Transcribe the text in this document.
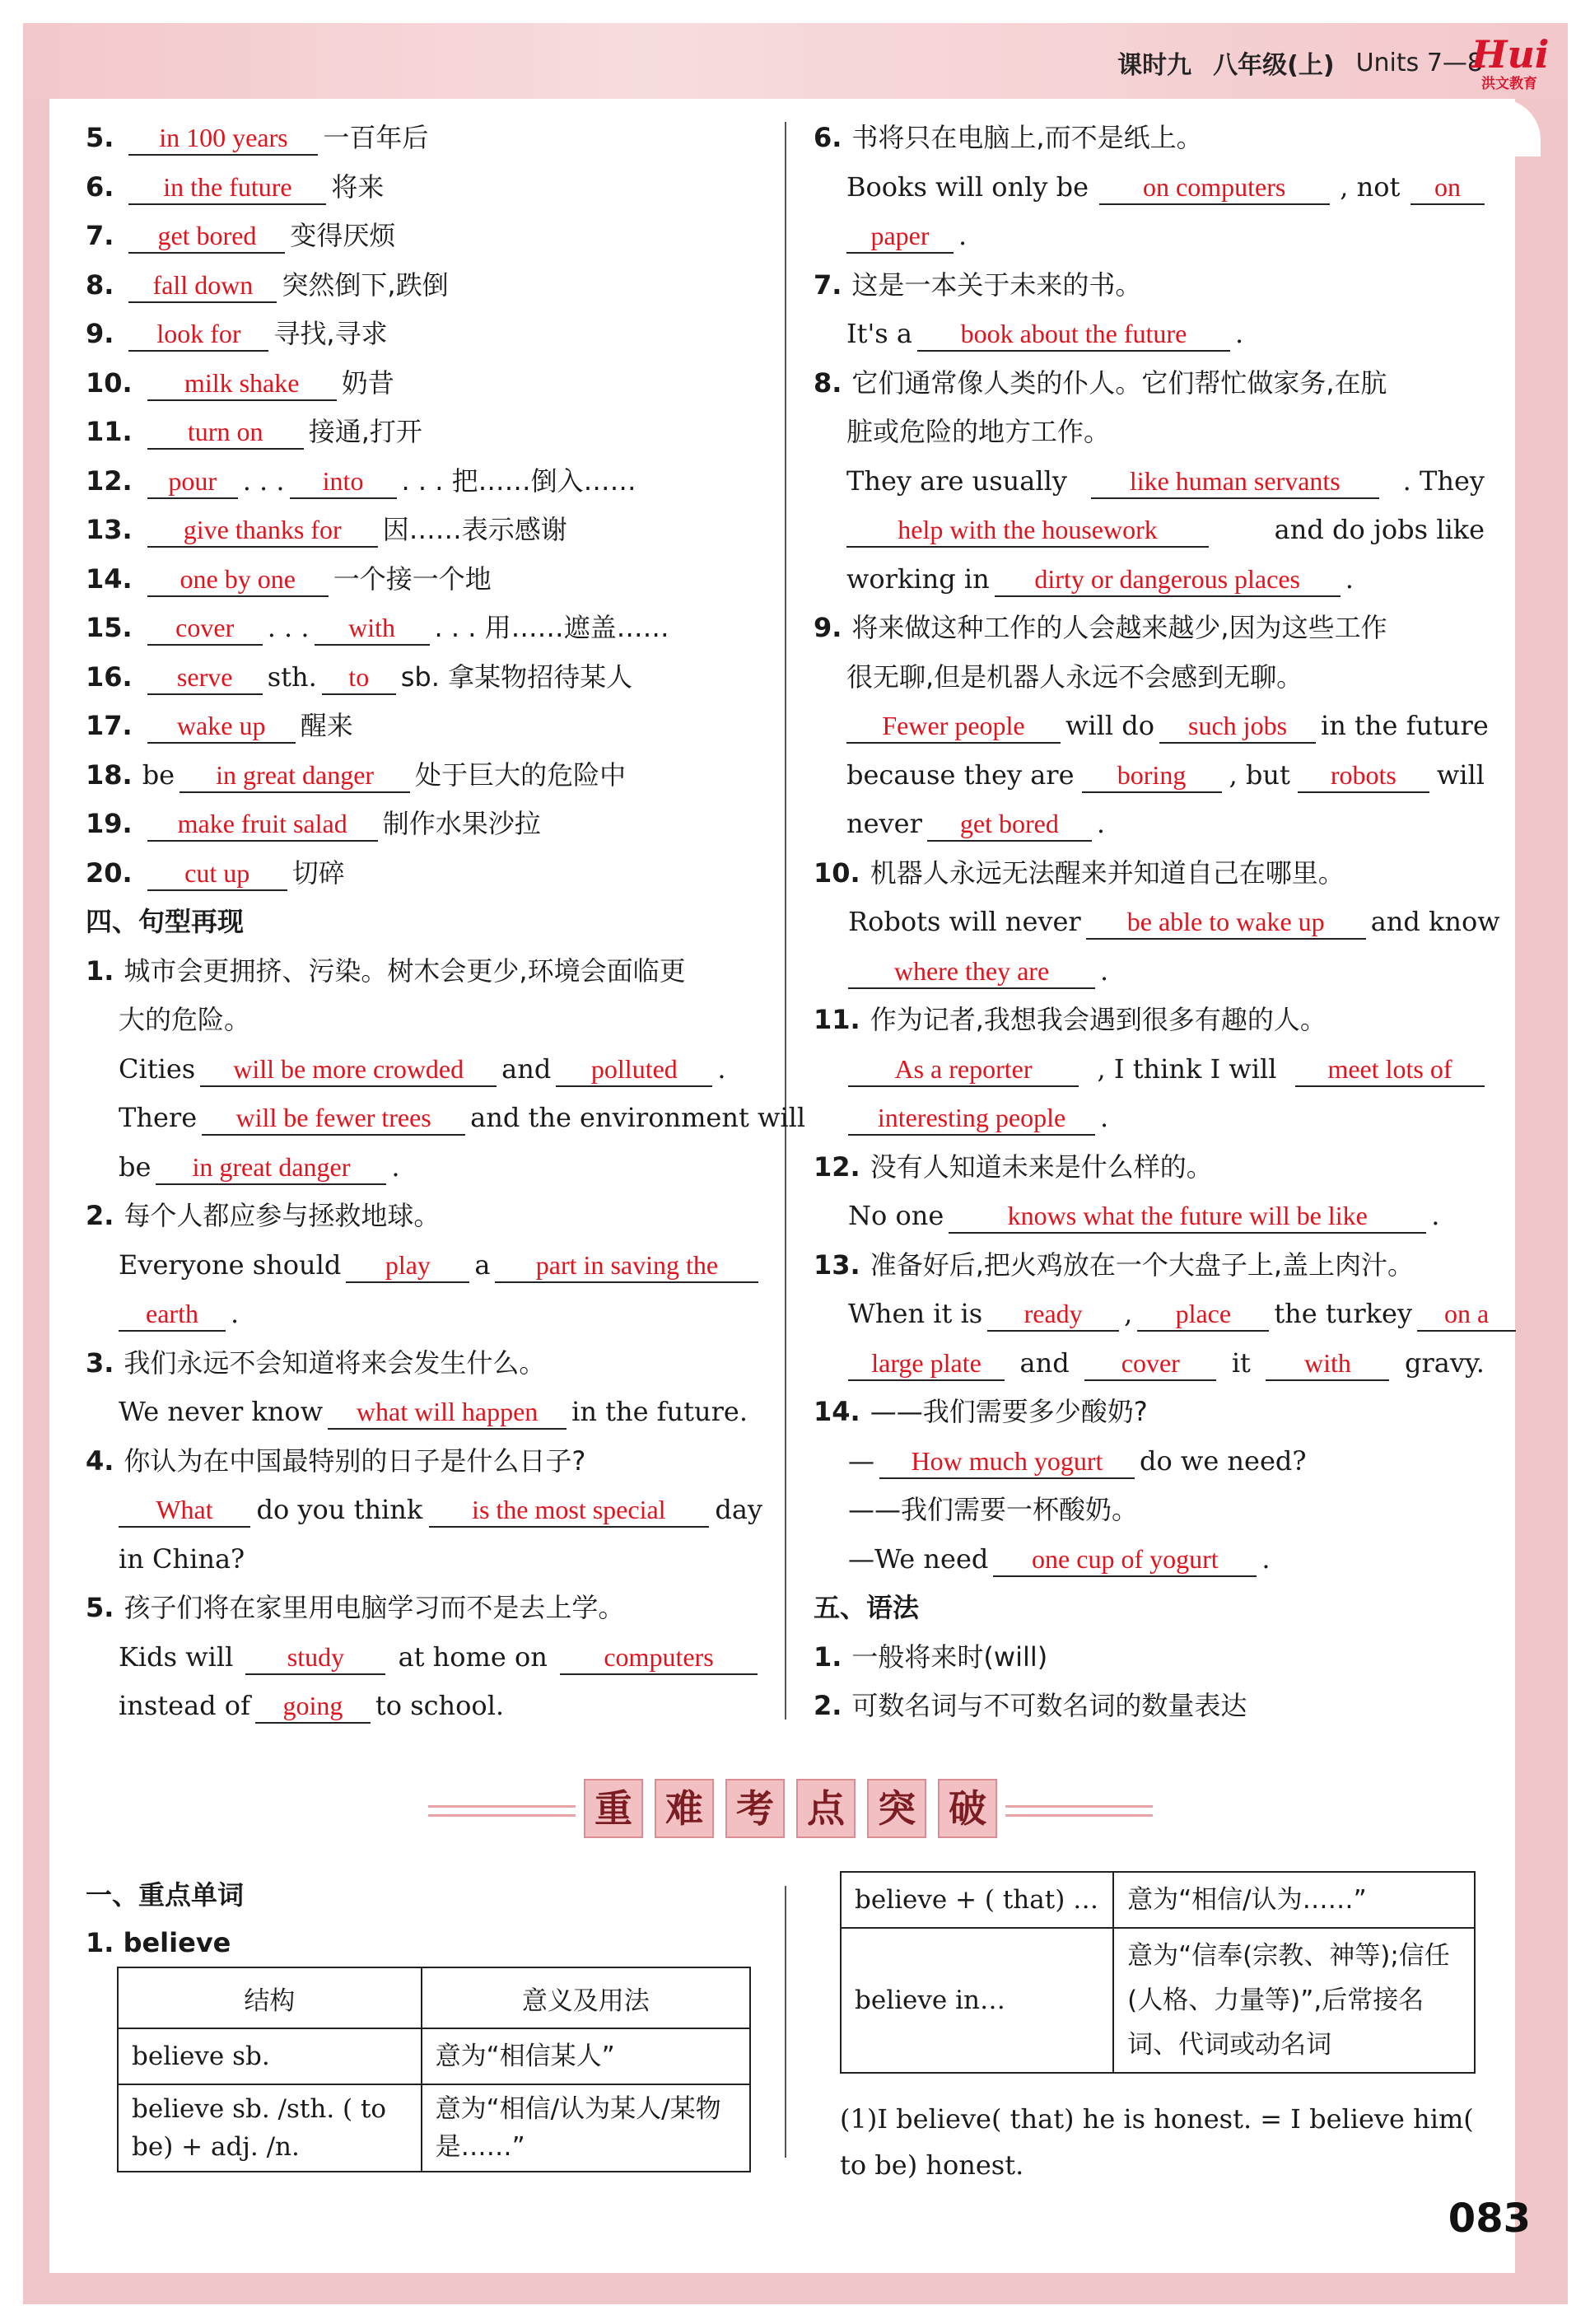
课时九 八年级(上) Units 7—8
Hui
洪文教育
5.	in 100 years	一百年后
6.	in the future	将来
7.	get bored	变得厌烦
8.	fall down	突然倒下,跌倒
9.	look for	寻找,寻求
10.	milk shake	奶昔
11.	turn on	接通,打开
12.	pour . . .	into	. . . 把……倒入……
13.	give thanks for	因……表示感谢
14.	one by one	一个接一个地
15.	cover	. . .	with	. . . 用……遮盖……
16.	serve	sth.	to	sb. 拿某物招待某人
17.	wake up	醒来
18. be	in great danger	处于巨大的危险中
19.	make fruit salad	制作水果沙拉
20.	cut up	切碎
四、句型再现
1. 城市会更拥挤、污染。树木会更少,环境会面临更
大的危险。
Cities	will be more crowded	and	polluted	.
There	will be fewer trees	and the environment will
be	in great danger	.
2. 每个人都应参与拯救地球。
Everyone should	play	a	part in saving the
earth	.
3. 我们永远不会知道将来会发生什么。
We never know	what will happen	in the future.
4. 你认为在中国最特别的日子是什么日子?
What	do you think	is the most special	day
in China?
5. 孩子们将在家里用电脑学习而不是去上学。
Kids will	study	at home on	computers
instead of	going	to school.
6. 书将只在电脑上,而不是纸上。
Books will only be	on computers	, not	on
paper	.
7. 这是一本关于未来的书。
It's a	book about the future	.
8. 它们通常像人类的仆人。它们帮忙做家务,在肮
脏或危险的地方工作。
They are usually	like human servants	. They
help with the housework	and do jobs like
working in	dirty or dangerous places	.
9. 将来做这种工作的人会越来越少,因为这些工作
很无聊,但是机器人永远不会感到无聊。
Fewer people	will do	such jobs	in the future
because they are	boring	, but	robots	will
never	get bored	.
10. 机器人永远无法醒来并知道自己在哪里。
Robots will never	be able to wake up	and know
where they are	.
11. 作为记者,我想我会遇到很多有趣的人。
As a reporter	, I think I will	meet lots of
interesting people	.
12. 没有人知道未来是什么样的。
No one	knows what the future will be like	.
13. 准备好后,把火鸡放在一个大盘子上,盖上肉汁。
When it is	ready	,	place	the turkey	on a
large plate	and	cover	it	with	gravy.
14. ——我们需要多少酸奶?
—	How much yogurt	do we need?
——我们需要一杯酸奶。
—We need	one cup of yogurt	.
五、语法
1. 一般将来时(will)
2. 可数名词与不可数名词的数量表达
重 难 考 点 突 破
一、重点单词
1. believe
结构	意义及用法
believe sb.	意为“相信某人”
believe sb. /sth. ( to be) + adj. /n.	意为“相信/认为某人/某物是……”
believe + ( that) …	意为“相信/认为……”
believe in…	意为“信奉(宗教、神等);信任(人格、力量等)”,后常接名词、代词或动名词
(1)I believe( that) he is honest. = I believe him( to be) honest.
083
